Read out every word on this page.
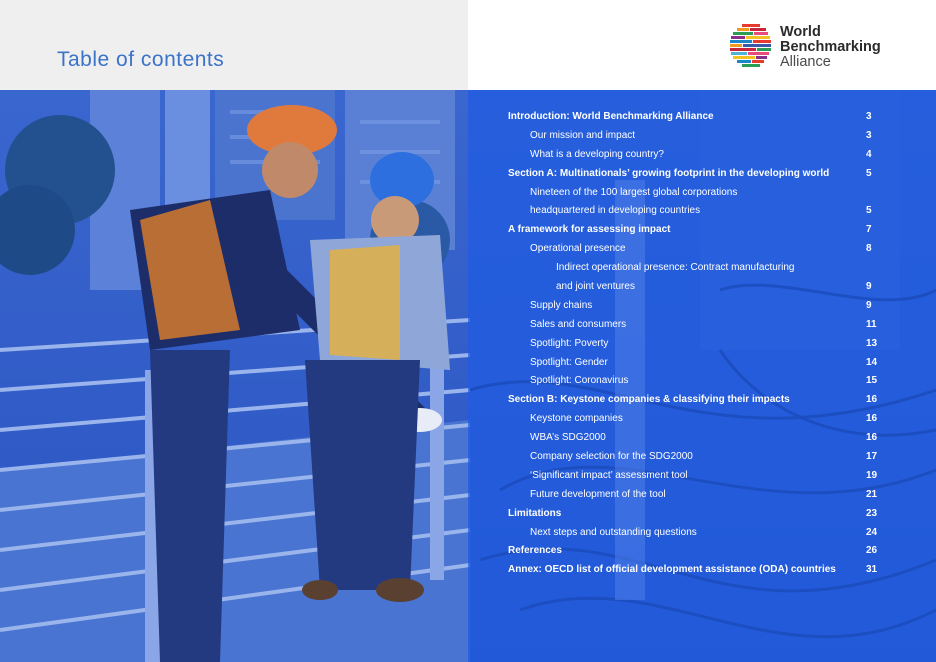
Table of contents
World
Benchmarking
Alliance
Introduction: World Benchmarking Alliance	3
Our mission and impact	3
What is a developing country?	4
Section A: Multinationals’ growing footprint in the developing world	5
Nineteen of the 100 largest global corporations
headquartered in developing countries	5
A framework for assessing impact	7
Operational presence	8
Indirect operational presence: Contract manufacturing
and joint ventures	9
Supply chains	9
Sales and consumers	11
Spotlight: Poverty	13
Spotlight: Gender	14
Spotlight: Coronavirus	15
Section B: Keystone companies & classifying their impacts	16
Keystone companies	16
WBA’s SDG2000	16
Company selection for the SDG2000	17
‘Significant impact’ assessment tool	19
Future development of the tool	21
Limitations	23
Next steps and outstanding questions	24
References	26
Annex: OECD list of official development assistance (ODA) countries	31
